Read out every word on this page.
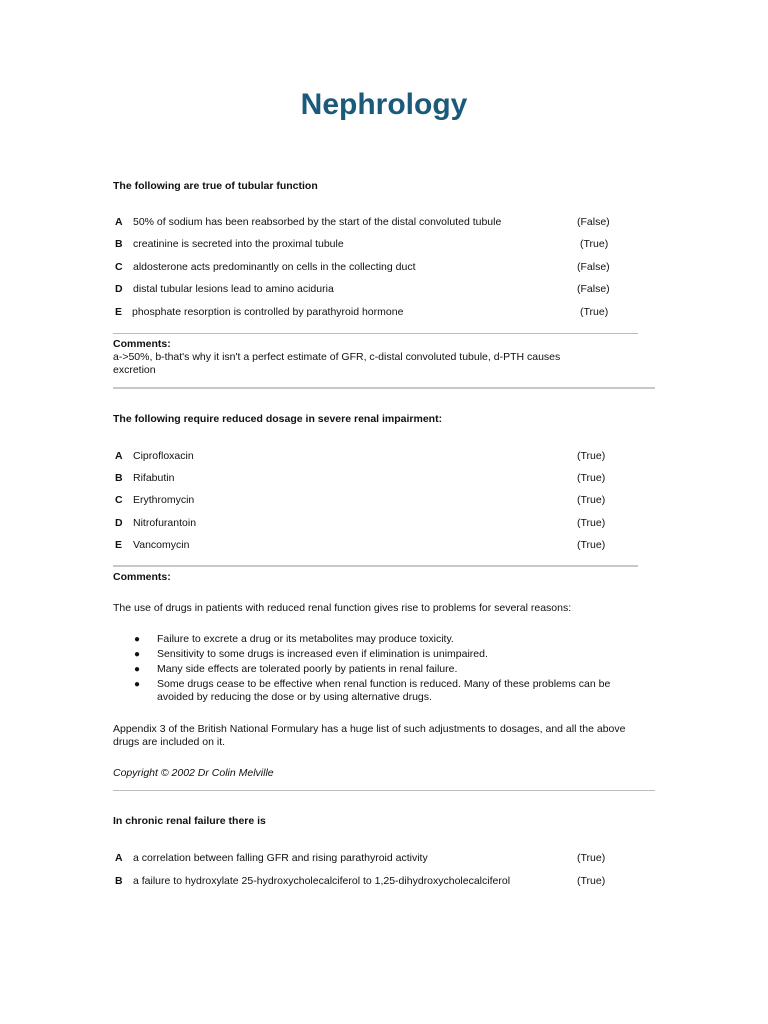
Nephrology
The following are true of tubular function
A 50% of sodium has been reabsorbed by the start of the distal convoluted tubule	(False)
B creatinine is secreted into the proximal tubule	(True)
C aldosterone acts predominantly on cells in the collecting duct	(False)
D distal tubular lesions lead to amino aciduria	(False)
E phosphate resorption is controlled by parathyroid hormone	(True)
Comments:
a->50%, b-that's why it isn't a perfect estimate of GFR, c-distal convoluted tubule, d-PTH causes
excretion
The following require reduced dosage in severe renal impairment:
A Ciprofloxacin	(True)
B Rifabutin	(True)
C Erythromycin	(True)
D Nitrofurantoin	(True)
E Vancomycin	(True)
Comments:
The use of drugs in patients with reduced renal function gives rise to problems for several reasons:
● Failure to excrete a drug or its metabolites may produce toxicity.
● Sensitivity to some drugs is increased even if elimination is unimpaired.
● Many side effects are tolerated poorly by patients in renal failure.
● Some drugs cease to be effective when renal function is reduced. Many of these problems can be avoided by reducing the dose or by using alternative drugs.
Appendix 3 of the British National Formulary has a huge list of such adjustments to dosages, and all the above drugs are included on it.
Copyright © 2002 Dr Colin Melville
In chronic renal failure there is
A a correlation between falling GFR and rising parathyroid activity	(True)
B a failure to hydroxylate 25-hydroxycholecalciferol to 1,25-dihydroxycholecalciferol	(True)
